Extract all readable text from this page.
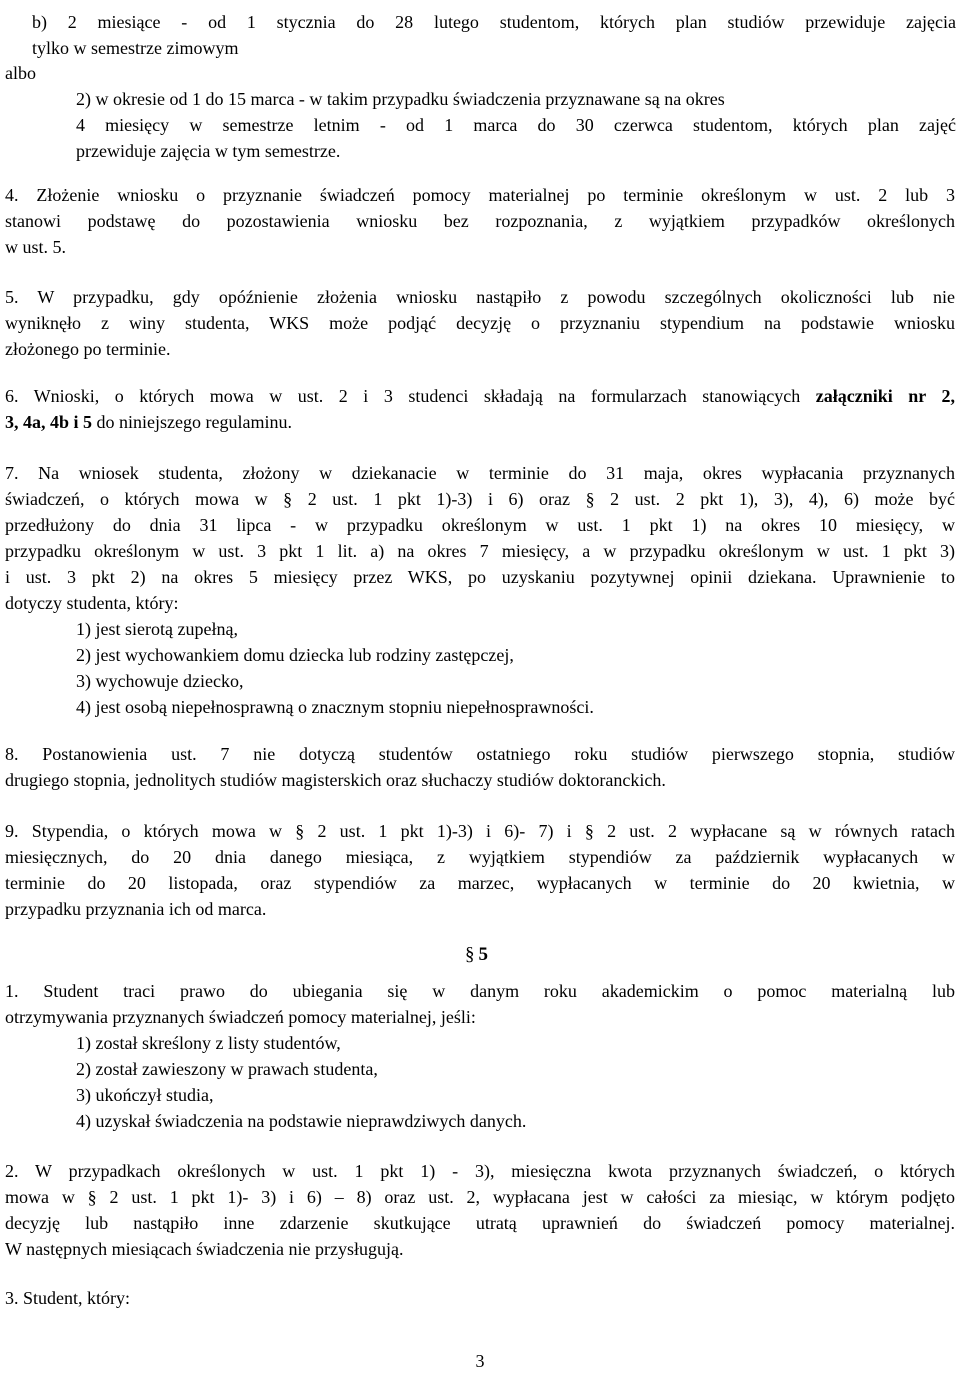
b) 2 miesiące - od 1 stycznia do 28 lutego studentom, których plan studiów przewiduje zajęcia
tylko w semestrze zimowym
albo
2) w okresie od 1 do 15 marca - w takim przypadku świadczenia przyznawane są na okres
4 miesięcy w semestrze letnim - od 1 marca do 30 czerwca studentom, których plan zajęć
przewiduje zajęcia w tym semestrze.
4. Złożenie wniosku o przyznanie świadczeń pomocy materialnej po terminie określonym w ust. 2 lub 3
stanowi podstawę do pozostawienia wniosku bez rozpoznania, z wyjątkiem przypadków określonych
w ust. 5.
5. W przypadku, gdy opóźnienie złożenia wniosku nastąpiło z powodu szczególnych okoliczności lub nie
wyniknęło z winy studenta, WKS może podjąć decyzję o przyznaniu stypendium na podstawie wniosku
złożonego po terminie.
6. Wnioski, o których mowa w ust. 2 i 3 studenci składają na formularzach stanowiących załączniki nr 2,
3, 4a, 4b i 5 do niniejszego regulaminu.
7. Na wniosek studenta, złożony w dziekanacie w terminie do 31 maja, okres wypłacania przyznanych
świadczeń, o których mowa w § 2 ust. 1 pkt 1)-3) i 6) oraz § 2 ust. 2 pkt 1), 3), 4), 6) może być
przedłużony do dnia 31 lipca - w przypadku określonym w ust. 1 pkt 1) na okres 10 miesięcy, w
przypadku określonym w ust. 3 pkt 1 lit. a) na okres 7 miesięcy, a w przypadku określonym w ust. 1 pkt 3)
i ust. 3 pkt 2) na okres 5 miesięcy przez WKS, po uzyskaniu pozytywnej opinii dziekana. Uprawnienie to
dotyczy studenta, który:
1) jest sierotą zupełną,
2) jest wychowankiem domu dziecka lub rodziny zastępczej,
3) wychowuje dziecko,
4) jest osobą niepełnosprawną o znacznym stopniu niepełnosprawności.
8. Postanowienia ust. 7 nie dotyczą studentów ostatniego roku studiów pierwszego stopnia, studiów
drugiego stopnia, jednolitych studiów magisterskich oraz słuchaczy studiów doktoranckich.
9. Stypendia, o których mowa w § 2 ust. 1 pkt 1)-3) i 6)- 7) i § 2 ust. 2 wypłacane są w równych ratach
miesięcznych, do 20 dnia danego miesiąca, z wyjątkiem stypendiów za październik wypłacanych w
terminie do 20 listopada, oraz stypendiów za marzec, wypłacanych w terminie do 20 kwietnia, w
przypadku przyznania ich od marca.
1. Student traci prawo do ubiegania się w danym roku akademickim o pomoc materialną lub
otrzymywania przyznanych świadczeń pomocy materialnej, jeśli:
1) został skreślony z listy studentów,
2) został zawieszony w prawach studenta,
3) ukończył studia,
4) uzyskał świadczenia na podstawie nieprawdziwych danych.
2. W przypadkach określonych w ust. 1 pkt 1) - 3), miesięczna kwota przyznanych świadczeń, o których
mowa w § 2 ust. 1 pkt 1)- 3) i 6) – 8) oraz ust. 2, wypłacana jest w całości za miesiąc, w którym podjęto
decyzję lub nastąpiło inne zdarzenie skutkujące utratą uprawnień do świadczeń pomocy materialnej.
W następnych miesiącach świadczenia nie przysługują.
3. Student, który:
§ 5
3
